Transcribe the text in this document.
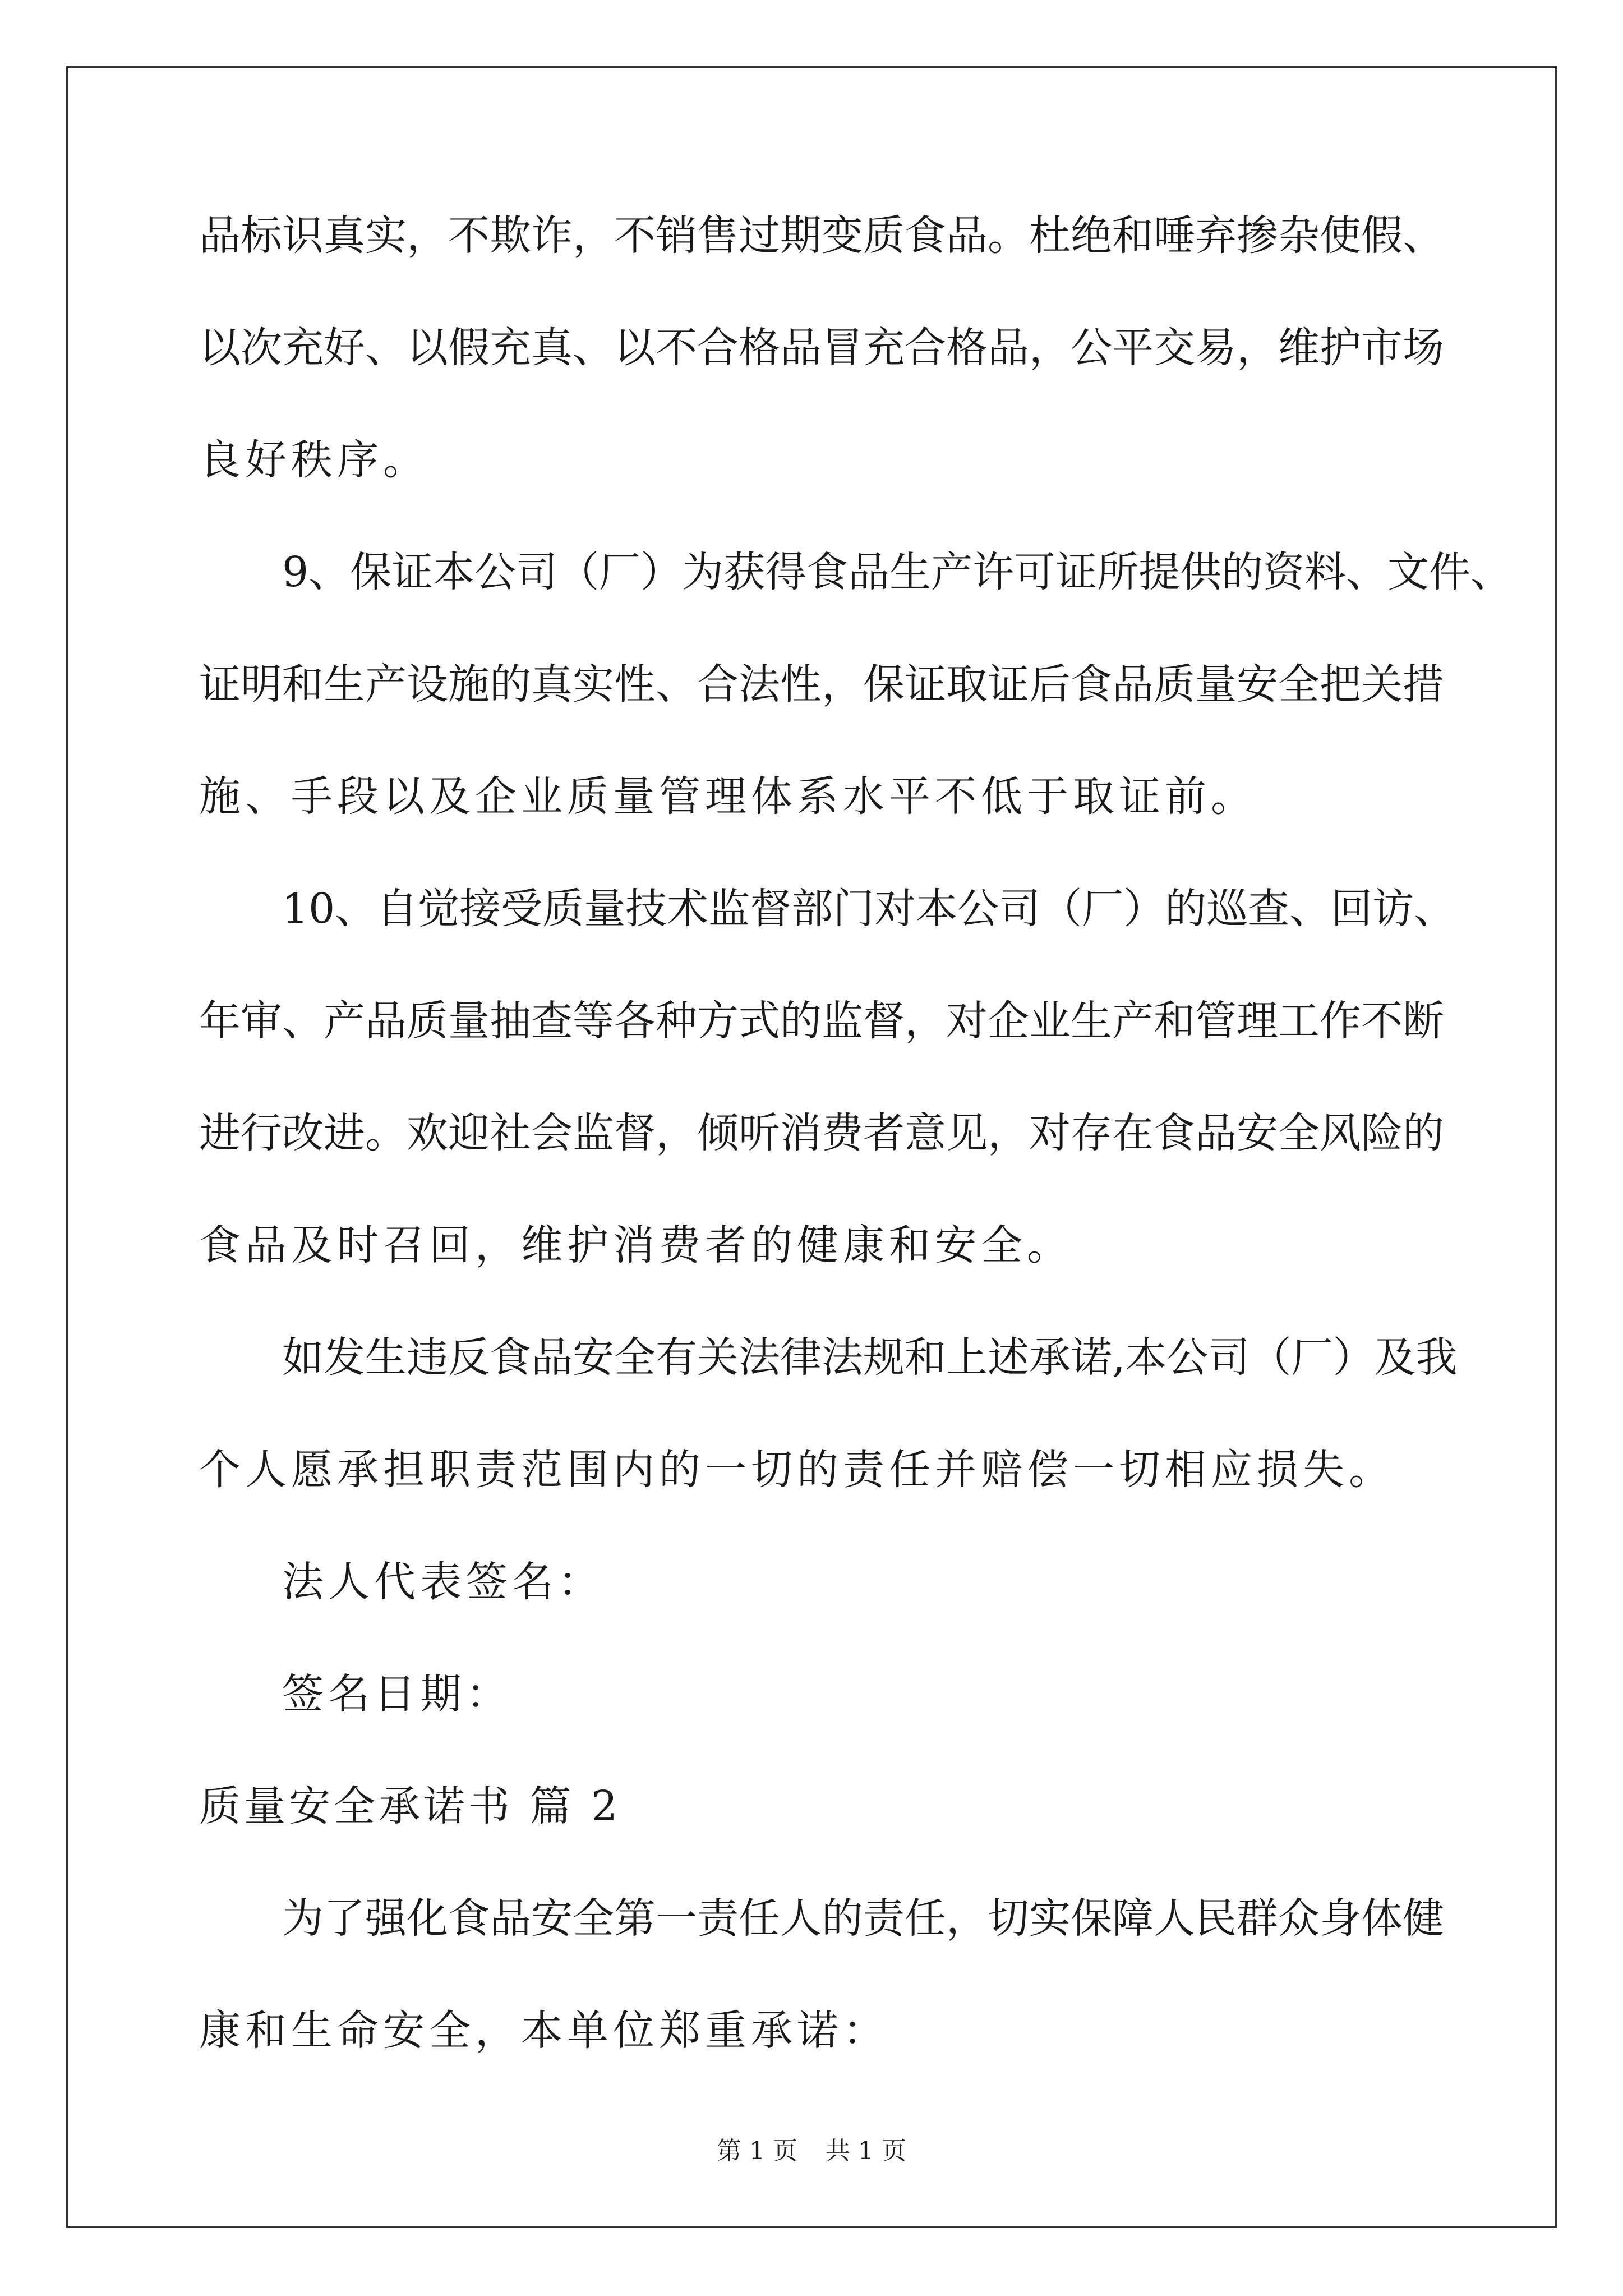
品标识真实，不欺诈，不销售过期变质食品。杜绝和唾弃掺杂使假、

以次充好、以假充真、以不合格品冒充合格品，公平交易，维护市场

良好秩序。

9、保证本公司（厂）为获得食品生产许可证所提供的资料、文件、

证明和生产设施的真实性、合法性，保证取证后食品质量安全把关措

施、手段以及企业质量管理体系水平不低于取证前。

10、自觉接受质量技术监督部门对本公司（厂）的巡查、回访、

年审、产品质量抽查等各种方式的监督，对企业生产和管理工作不断

进行改进。欢迎社会监督，倾听消费者意见，对存在食品安全风险的

食品及时召回，维护消费者的健康和安全。

如发生违反食品安全有关法律法规和上述承诺,本公司（厂）及我

个人愿承担职责范围内的一切的责任并赔偿一切相应损失。

法人代表签名：

签名日期：

质量安全承诺书 篇 2

为了强化食品安全第一责任人的责任，切实保障人民群众身体健

康和生命安全，本单位郑重承诺：

第 1 页 共 1 页
